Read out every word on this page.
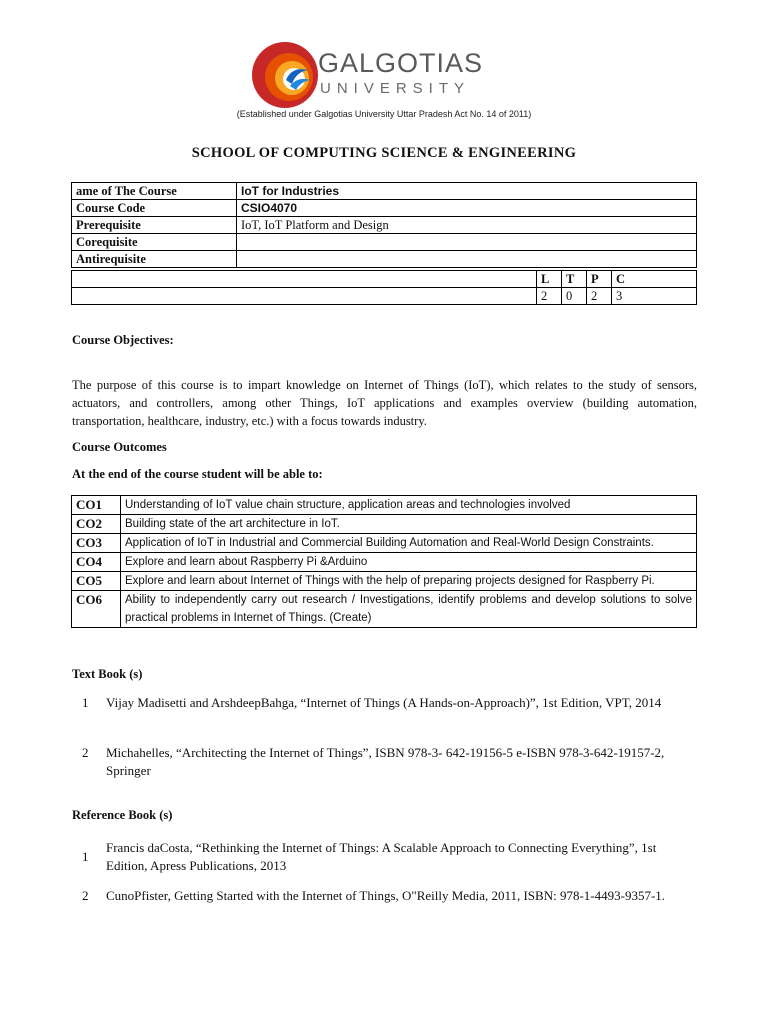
GALGOTIAS
UNIVERSITY
(Established under Galgotias University Uttar Pradesh Act No. 14 of 2011)
SCHOOL OF COMPUTING SCIENCE & ENGINEERING
ame of The Course	IoT for Industries
Course Code	CSIO4070
Prerequisite	IoT, IoT Platform and Design
Corequisite	
Antirequisite	
	L	T	P	C
	2	0	2	3
Course Objectives:
The purpose of this course is to impart knowledge on Internet of Things (IoT), which relates to the study of sensors, actuators, and controllers, among other Things, IoT applications and examples overview (building automation, transportation, healthcare, industry, etc.) with a focus towards industry.
Course Outcomes
At the end of the course student will be able to:
CO1	Understanding of IoT value chain structure, application areas and technologies involved
CO2	Building state of the art architecture in IoT.
CO3	Application of IoT in Industrial and Commercial Building Automation and Real-World Design Constraints.
CO4	Explore and learn about Raspberry Pi &Arduino
CO5	Explore and learn about Internet of Things with the help of preparing projects designed for Raspberry Pi.
CO6	Ability to independently carry out research / Investigations, identify problems and develop solutions to solve practical problems in Internet of Things. (Create)
Text Book (s)
1 Vijay Madisetti and ArshdeepBahga, “Internet of Things (A Hands-on-Approach)”, 1st Edition, VPT, 2014
2 Michahelles, “Architecting the Internet of Things”, ISBN 978-3- 642-19156-5 e-ISBN 978-3-642-19157-2, Springer
Reference Book (s)
1
Francis daCosta, “Rethinking the Internet of Things: A Scalable Approach to Connecting Everything”, 1st Edition, Apress Publications, 2013
2 CunoPfister, Getting Started with the Internet of Things, O"Reilly Media, 2011, ISBN: 978-1-4493-9357-1.
